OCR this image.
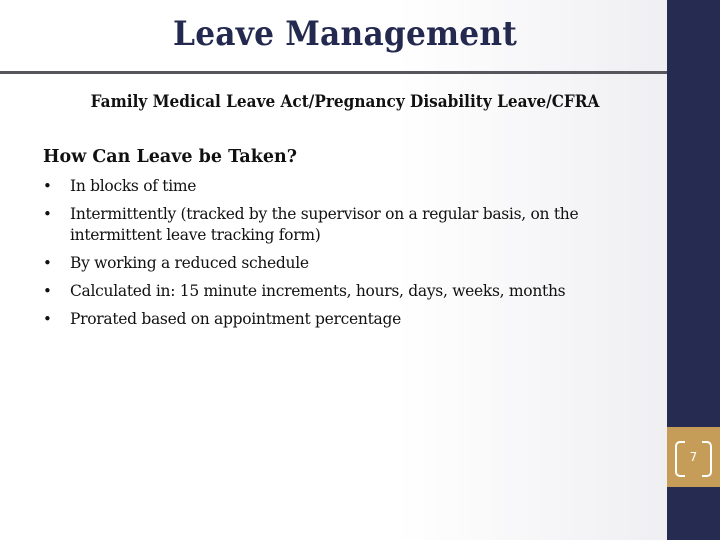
Leave Management
Family Medical Leave Act/Pregnancy Disability Leave/CFRA
How Can Leave be Taken?
• In blocks of time
• Intermittently (tracked by the supervisor on a regular basis, on the intermittent leave tracking form)
• By working a reduced schedule
• Calculated in: 15 minute increments, hours, days, weeks, months
• Prorated based on appointment percentage
7
